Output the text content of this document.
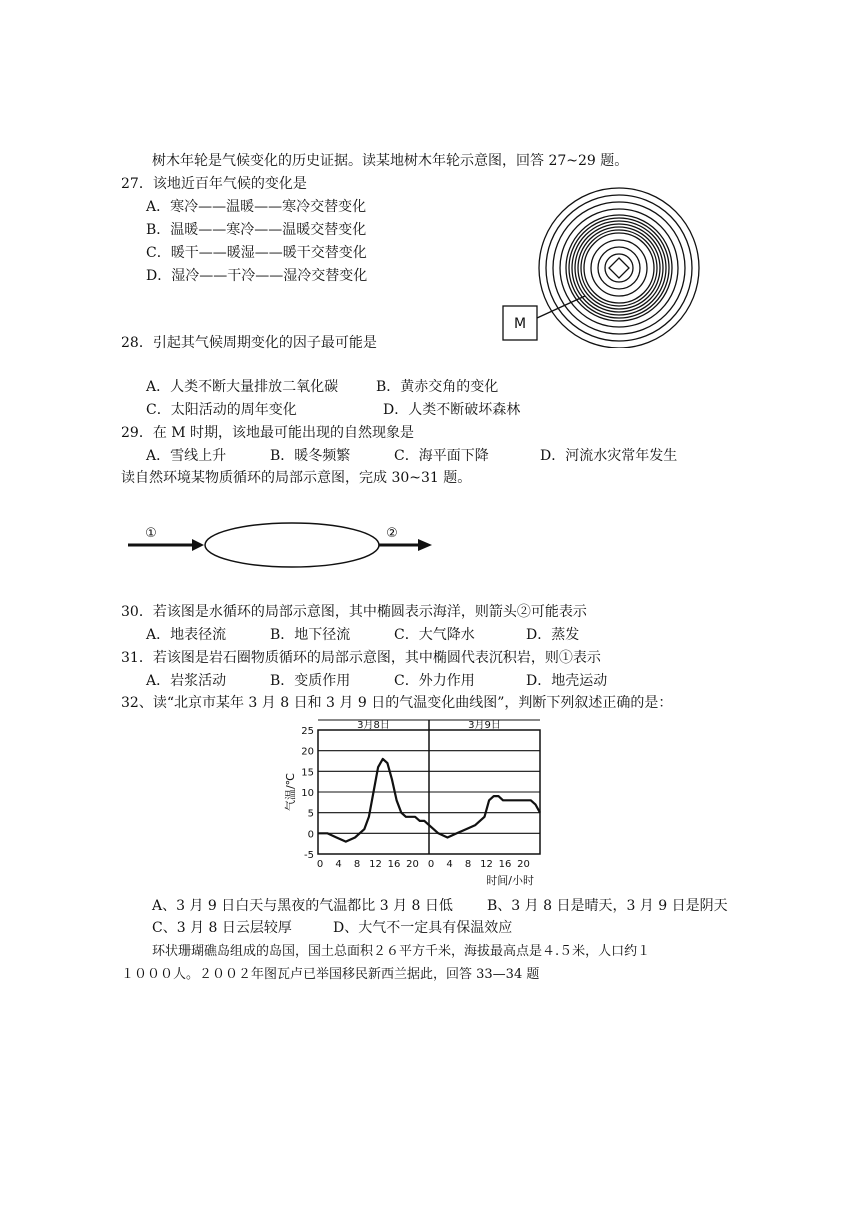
树木年轮是气候变化的历史证据。读某地树木年轮示意图，回答 27~29 题。
27．该地近百年气候的变化是
A．寒冷——温暖——寒冷交替变化
B．温暖——寒冷——温暖交替变化
C．暖干——暖湿——暖干交替变化
D．湿冷——干冷——湿冷交替变化
M
28．引起其气候周期变化的因子最可能是
A．人类不断大量排放二氧化碳	B．黄赤交角的变化
C．太阳活动的周年变化	D．人类不断破坏森林
29．在 M 时期，该地最可能出现的自然现象是
A．雪线上升	B．暖冬频繁	C．海平面下降	D．河流水灾常年发生
读自然环境某物质循环的局部示意图，完成 30~31 题。
①	②
30．若该图是水循环的局部示意图，其中椭圆表示海洋，则箭头②可能表示
A．地表径流	B．地下径流	C．大气降水	D．蒸发
31．若该图是岩石圈物质循环的局部示意图，其中椭圆代表沉积岩，则①表示
A．岩浆活动	B．变质作用	C．外力作用	D．地壳运动
32、读“北京市某年 3 月 8 日和 3 月 9 日的气温变化曲线图”，判断下列叙述正确的是：
-5
0
5
10
15
20
25
3月8日	3月9日
0 4 8 12 16 20 0 4 8 12 16 20
气温/℃
时间/小时
A、3 月 9 日白天与黑夜的气温都比 3 月 8 日低 B、3 月 8 日是晴天，3 月 9 日是阴天
C、3 月 8 日云层较厚	D、大气不一定具有保温效应
环状珊瑚礁岛组成的岛国，国土总面积２６平方千米，海拔最高点是４.５米，人口约１
１０００人。２００２年图瓦卢已举国移民新西兰据此，回答 33—34 题
